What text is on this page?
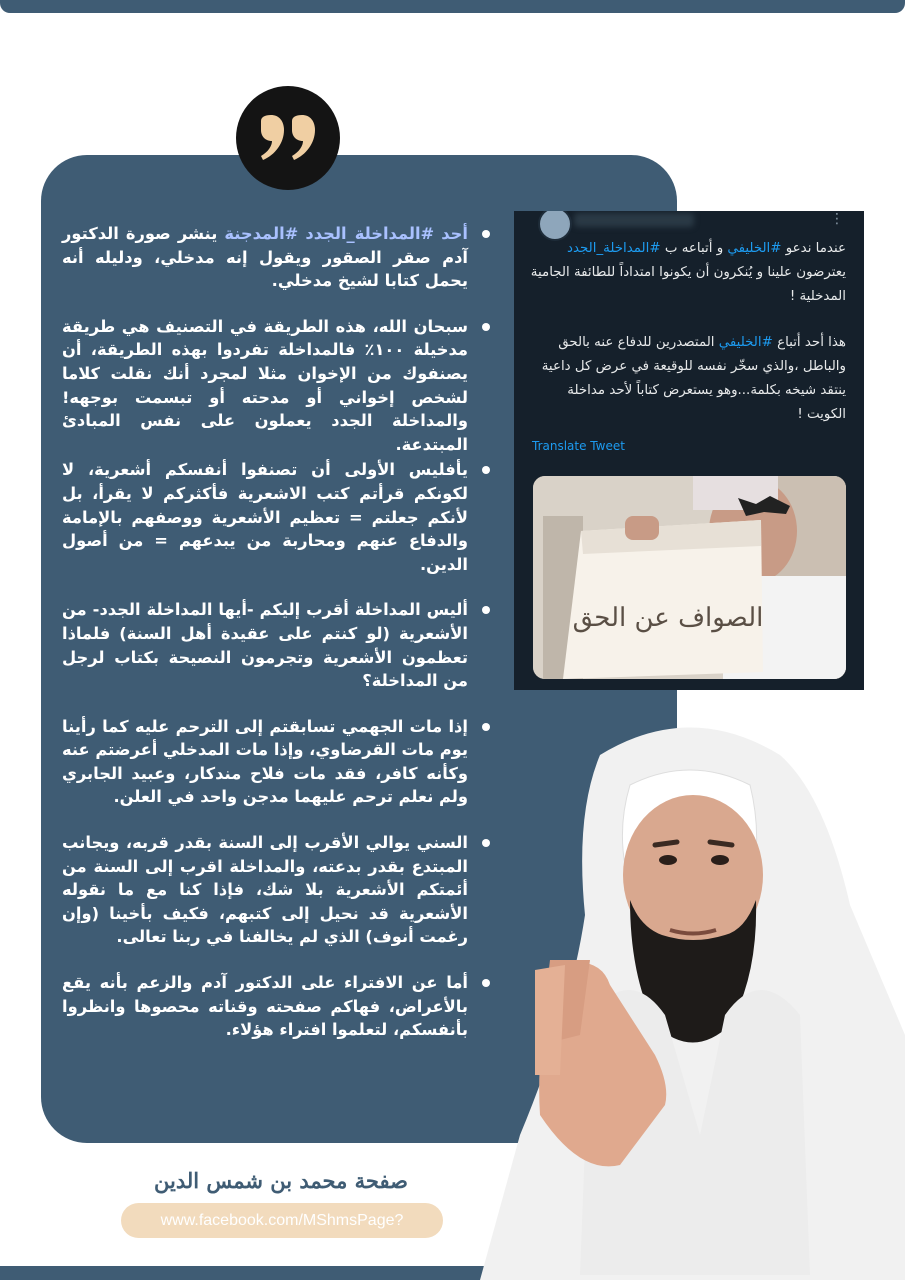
أحد #المداخلة_الجدد #المدجنة ينشر صورة الدكتور آدم صقر الصقور ويقول إنه مدخلي، ودليله أنه يحمل كتابا لشيخ مدخلي.
سبحان الله، هذه الطريقة في التصنيف هي طريقة مدخيلة ١٠٠٪ فالمداخلة تفردوا بهذه الطريقة، أن يصنفوك من الإخوان مثلا لمجرد أنك نقلت كلاما لشخص إخواني أو مدحته أو تبسمت بوجهه! والمداخلة الجدد يعملون على نفس المبادئ المبتدعة.
يأفليس الأولى أن تصنفوا أنفسكم أشعرية، لا لكونكم قرأتم كتب الاشعرية فأكثركم لا يقرأ، بل لأنكم جعلتم = تعظيم الأشعرية ووصفهم بالإمامة والدفاع عنهم ومحاربة من يبدعهم = من أصول الدين.
أليس المداخلة أقرب إليكم -أيها المداخلة الجدد- من الأشعرية (لو كنتم على عقيدة أهل السنة) فلماذا تعظمون الأشعرية وتجرمون النصيحة بكتاب لرجل من المداخلة؟
إذا مات الجهمي تسابقتم إلى الترحم عليه كما رأينا يوم مات القرضاوي، وإذا مات المدخلي أعرضتم عنه وكأنه كافر، فقد مات فلاح مندكار، وعبيد الجابري ولم نعلم ترحم عليهما مدجن واحد في العلن.
السني يوالي الأقرب إلى السنة بقدر قربه، ويجانب المبتدع بقدر بدعته، والمداخلة اقرب إلى السنة من أئمتكم الأشعرية بلا شك، فإذا كنا مع ما نقوله الأشعرية قد نحيل إلى كتبهم، فكيف بأخينا (وإن رغمت أنوف) الذي لم يخالفنا في ربنا تعالى.
أما عن الافتراء على الدكتور آدم والزعم بأنه يقع بالأعراض، فهاكم صفحته وقناته محصوها وانظروا بأنفسكم، لتعلموا افتراء هؤلاء.
⋮

عندما ندعو #الخليفي و أتباعه ب #المداخلة_الجدد يعترضون علينا و يُنكرون أن يكونوا امتداداً للطائفة الجامية المدخلية !

هذا أحد أتباع #الخليفي المتصدرين للدفاع عنه بالحق والباطل ،والذي سخّر نفسه للوقيعة في عرض كل داعية ينتقد شيخه بكلمة...وهو يستعرض كتاباً لأحد مداخلة الكويت !

Translate Tweet
الصواف عن الحق
صفحة محمد بن شمس الدين
www.facebook.com/MShmsPage?
